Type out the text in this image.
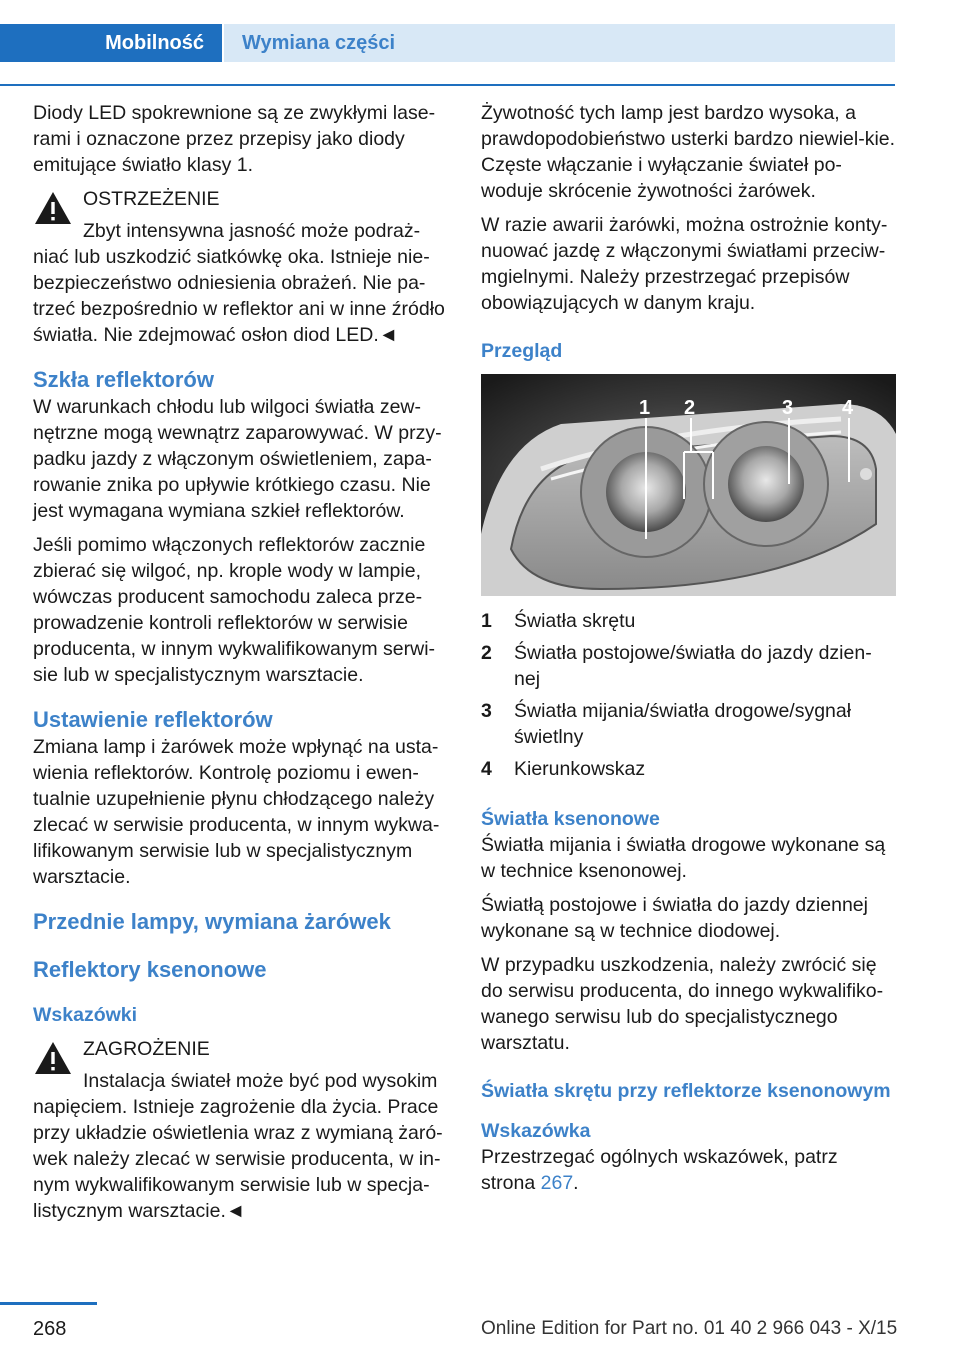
Mobilność	Wymiana części

Diody LED spokrewnione są ze zwykłymi lase-rami i oznaczone przez przepisy jako diody emitujące światło klasy 1.

OSTRZEŻENIE

Zbyt intensywna jasność może podraż-niać lub uszkodzić siatkówkę oka. Istnieje nie-bezpieczeństwo odniesienia obrażeń. Nie pa-trzeć bezpośrednio w reflektor ani w inne źródło światła. Nie zdejmować osłon diod LED.◄

Szkła reflektorów

W warunkach chłodu lub wilgoci światła zew-nętrzne mogą wewnątrz zaparowywać. W przy-padku jazdy z włączonym oświetleniem, zapa-rowanie znika po upływie krótkiego czasu. Nie jest wymagana wymiana szkieł reflektorów.

Jeśli pomimo włączonych reflektorów zacznie zbierać się wilgoć, np. krople wody w lampie, wówczas producent samochodu zaleca prze-prowadzenie kontroli reflektorów w serwisie producenta, w innym wykwalifikowanym serwi-sie lub w specjalistycznym warsztacie.

Ustawienie reflektorów

Zmiana lamp i żarówek może wpłynąć na usta-wienia reflektorów. Kontrolę poziomu i ewen-tualnie uzupełnienie płynu chłodzącego należy zlecać w serwisie producenta, w innym wykwa-lifikowanym serwisie lub w specjalistycznym warsztacie.

Przednie lampy, wymiana żarówek
Reflektory ksenonowe
Wskazówki

ZAGROŻENIE

Instalacja świateł może być pod wysokim napięciem. Istnieje zagrożenie dla życia. Prace przy układzie oświetlenia wraz z wymianą żaró-wek należy zlecać w serwisie producenta, w in-nym wykwalifikowanym serwisie lub w specja-listycznym warsztacie.◄

Żywotność tych lamp jest bardzo wysoka, a prawdopodobieństwo usterki bardzo niewiel-kie. Częste włączanie i wyłączanie świateł po-woduje skrócenie żywotności żarówek.

W razie awarii żarówki, można ostrożnie konty-nuować jazdę z włączonymi światłami przeciw-mgielnymi. Należy przestrzegać przepisów obowiązujących w danym kraju.

Przegląd
1 2	3 4
1	Światła skrętu
2	Światła postojowe/światła do jazdy dzien-nej
3	Światła mijania/światła drogowe/sygnał świetlny
4	Kierunkowskaz
Światła ksenonowe

Światła mijania i światła drogowe wykonane są w technice ksenonowej.

Światłą postojowe i światła do jazdy dziennej wykonane są w technice diodowej.

W przypadku uszkodzenia, należy zwrócić się do serwisu producenta, do innego wykwalifiko-wanego serwisu lub do specjalistycznego warsztatu.

Światła skrętu przy reflektorze ksenonowym
Wskazówka

Przestrzegać ogólnych wskazówek, patrz strona 267.

268	Online Edition for Part no. 01 40 2 966 043 - X/15
